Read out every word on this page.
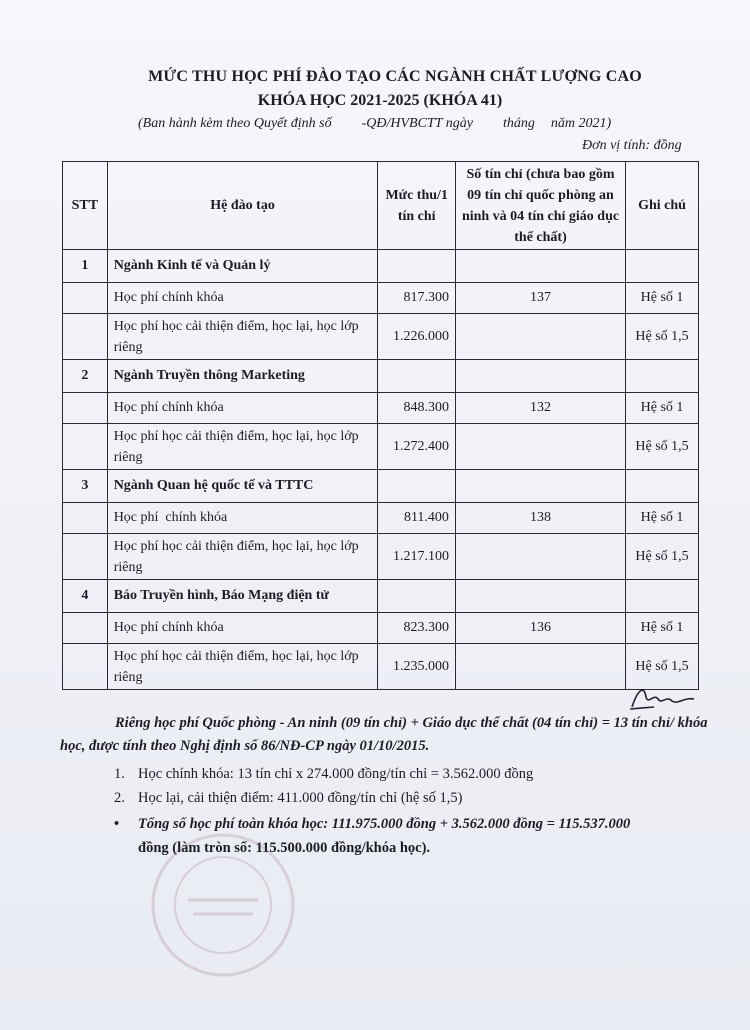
MỨC THU HỌC PHÍ ĐÀO TẠO CÁC NGÀNH CHẤT LƯỢNG CAO
KHÓA HỌC 2021-2025 (KHÓA 41)
(Ban hành kèm theo Quyết định số -QĐ/HVBCTT ngày tháng năm 2021)
Đơn vị tính: đồng
STT	Hệ đào tạo	Mức thu/1 tín chỉ	Số tín chỉ (chưa bao gồm 09 tín chỉ quốc phòng an ninh và 04 tín chỉ giáo dục thể chất)	Ghi chú
1	Ngành Kinh tế và Quản lý			
	Học phí chính khóa	817.300	137	Hệ số 1
	Học phí học cải thiện điểm, học lại, học lớp riêng	1.226.000		Hệ số 1,5
2	Ngành Truyền thông Marketing			
	Học phí chính khóa	848.300	132	Hệ số 1
	Học phí học cải thiện điểm, học lại, học lớp riêng	1.272.400		Hệ số 1,5
3	Ngành Quan hệ quốc tế và TTTC			
	Học phí  chính khóa	811.400	138	Hệ số 1
	Học phí học cải thiện điểm, học lại, học lớp riêng	1.217.100		Hệ số 1,5
4	Báo Truyền hình, Báo Mạng điện tử			
	Học phí chính khóa	823.300	136	Hệ số 1
	Học phí học cải thiện điểm, học lại, học lớp riêng	1.235.000		Hệ số 1,5
Riêng học phí Quốc phòng - An ninh (09 tín chỉ) + Giáo dục thể chất (04 tín chỉ) = 13 tín chỉ/ khóa học, được tính theo Nghị định số 86/NĐ-CP ngày 01/10/2015.
1. Học chính khóa: 13 tín chỉ x 274.000 đồng/tín chỉ = 3.562.000 đồng
2. Học lại, cải thiện điểm: 411.000 đồng/tín chỉ (hệ số 1,5)
• Tổng số học phí toàn khóa học: 111.975.000 đồng + 3.562.000 đồng = 115.537.000
đồng (làm tròn số: 115.500.000 đồng/khóa học).
